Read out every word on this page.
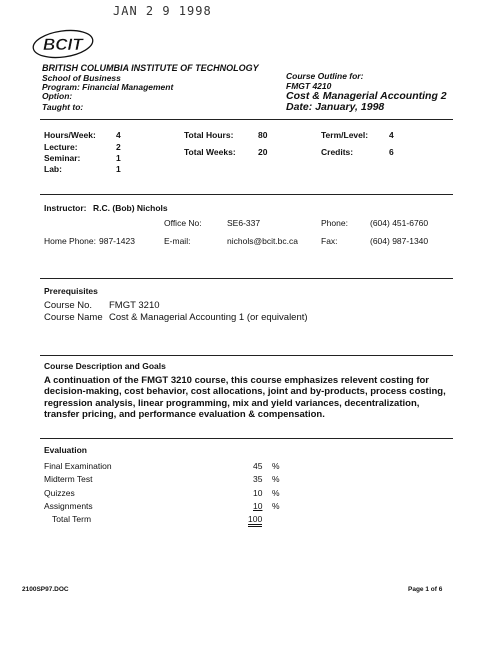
JAN 2 9 1998
BCIT
BRITISH COLUMBIA INSTITUTE OF TECHNOLOGY
School of Business
Program: Financial Management
Option:
Taught to:
Course Outline for:
FMGT 4210
Cost & Managerial Accounting 2
Date: January, 1998
Hours/Week: 4
Lecture:	2
Seminar:	1
Lab:	1
Total Hours:	80
Total Weeks:	20
Term/Level: 4
Credits:	6
Instructor: R.C. (Bob) Nichols
Office No:	SE6-337	Phone:	(604) 451-6760
Home Phone: 987-1423	E-mail:	nichols@bcit.bc.ca	Fax:	(604) 987-1340
Prerequisites
Course No. FMGT 3210
Course Name Cost & Managerial Accounting 1 (or equivalent)
Course Description and Goals
A continuation of the FMGT 3210 course, this course emphasizes relevent costing for decision-making, cost behavior, cost allocations, joint and by-products, process costing, regression analysis, linear programming, mix and yield variances, decentralization, transfer pricing, and performance evaluation & compensation.
Evaluation
Final Examination	45 %
Midterm Test	35 %
Quizzes	10 %
Assignments	10 %
Total Term	100
2100SP97.DOC	Page 1 of 6
